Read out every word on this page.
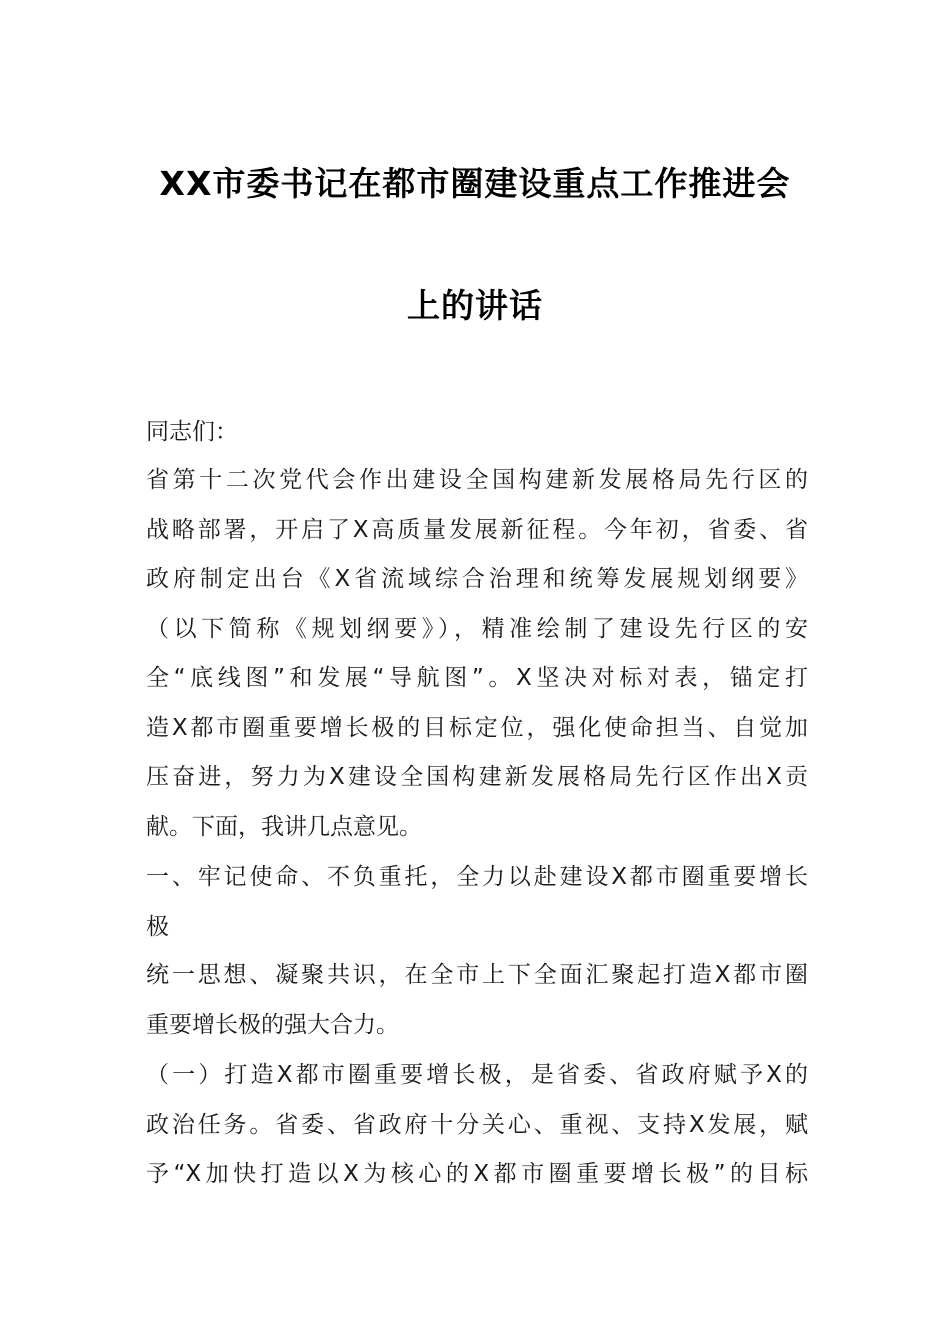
XX市委书记在都市圈建设重点工作推进会
上的讲话
同志们：
省第十二次党代会作出建设全国构建新发展格局先行区的
战略部署，开启了X高质量发展新征程。今年初，省委、省
政府制定出台《X省流域综合治理和统筹发展规划纲要》
（以下简称《规划纲要》），精准绘制了建设先行区的安
全“底线图”和发展“导航图”。X坚决对标对表，锚定打
造X都市圈重要增长极的目标定位，强化使命担当、自觉加
压奋进，努力为X建设全国构建新发展格局先行区作出X贡
献。下面，我讲几点意见。
一、牢记使命、不负重托，全力以赴建设X都市圈重要增长
极
统一思想、凝聚共识，在全市上下全面汇聚起打造X都市圈
重要增长极的强大合力。
（一）打造X都市圈重要增长极，是省委、省政府赋予X的
政治任务。省委、省政府十分关心、重视、支持X发展，赋
予“X加快打造以X为核心的X都市圈重要增长极”的目标
